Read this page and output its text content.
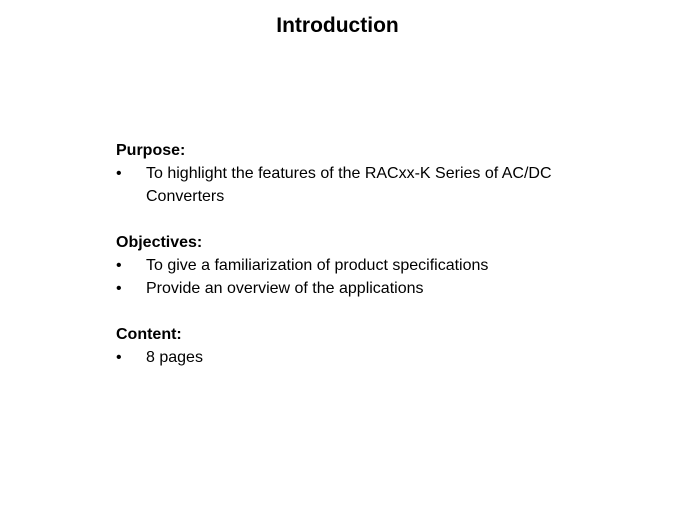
Introduction

Purpose:

• To highlight the features of the RACxx-K Series of AC/DC Converters

Objectives:

• To give a familiarization of product specifications
• Provide an overview of the applications

Content:

• 8 pages
